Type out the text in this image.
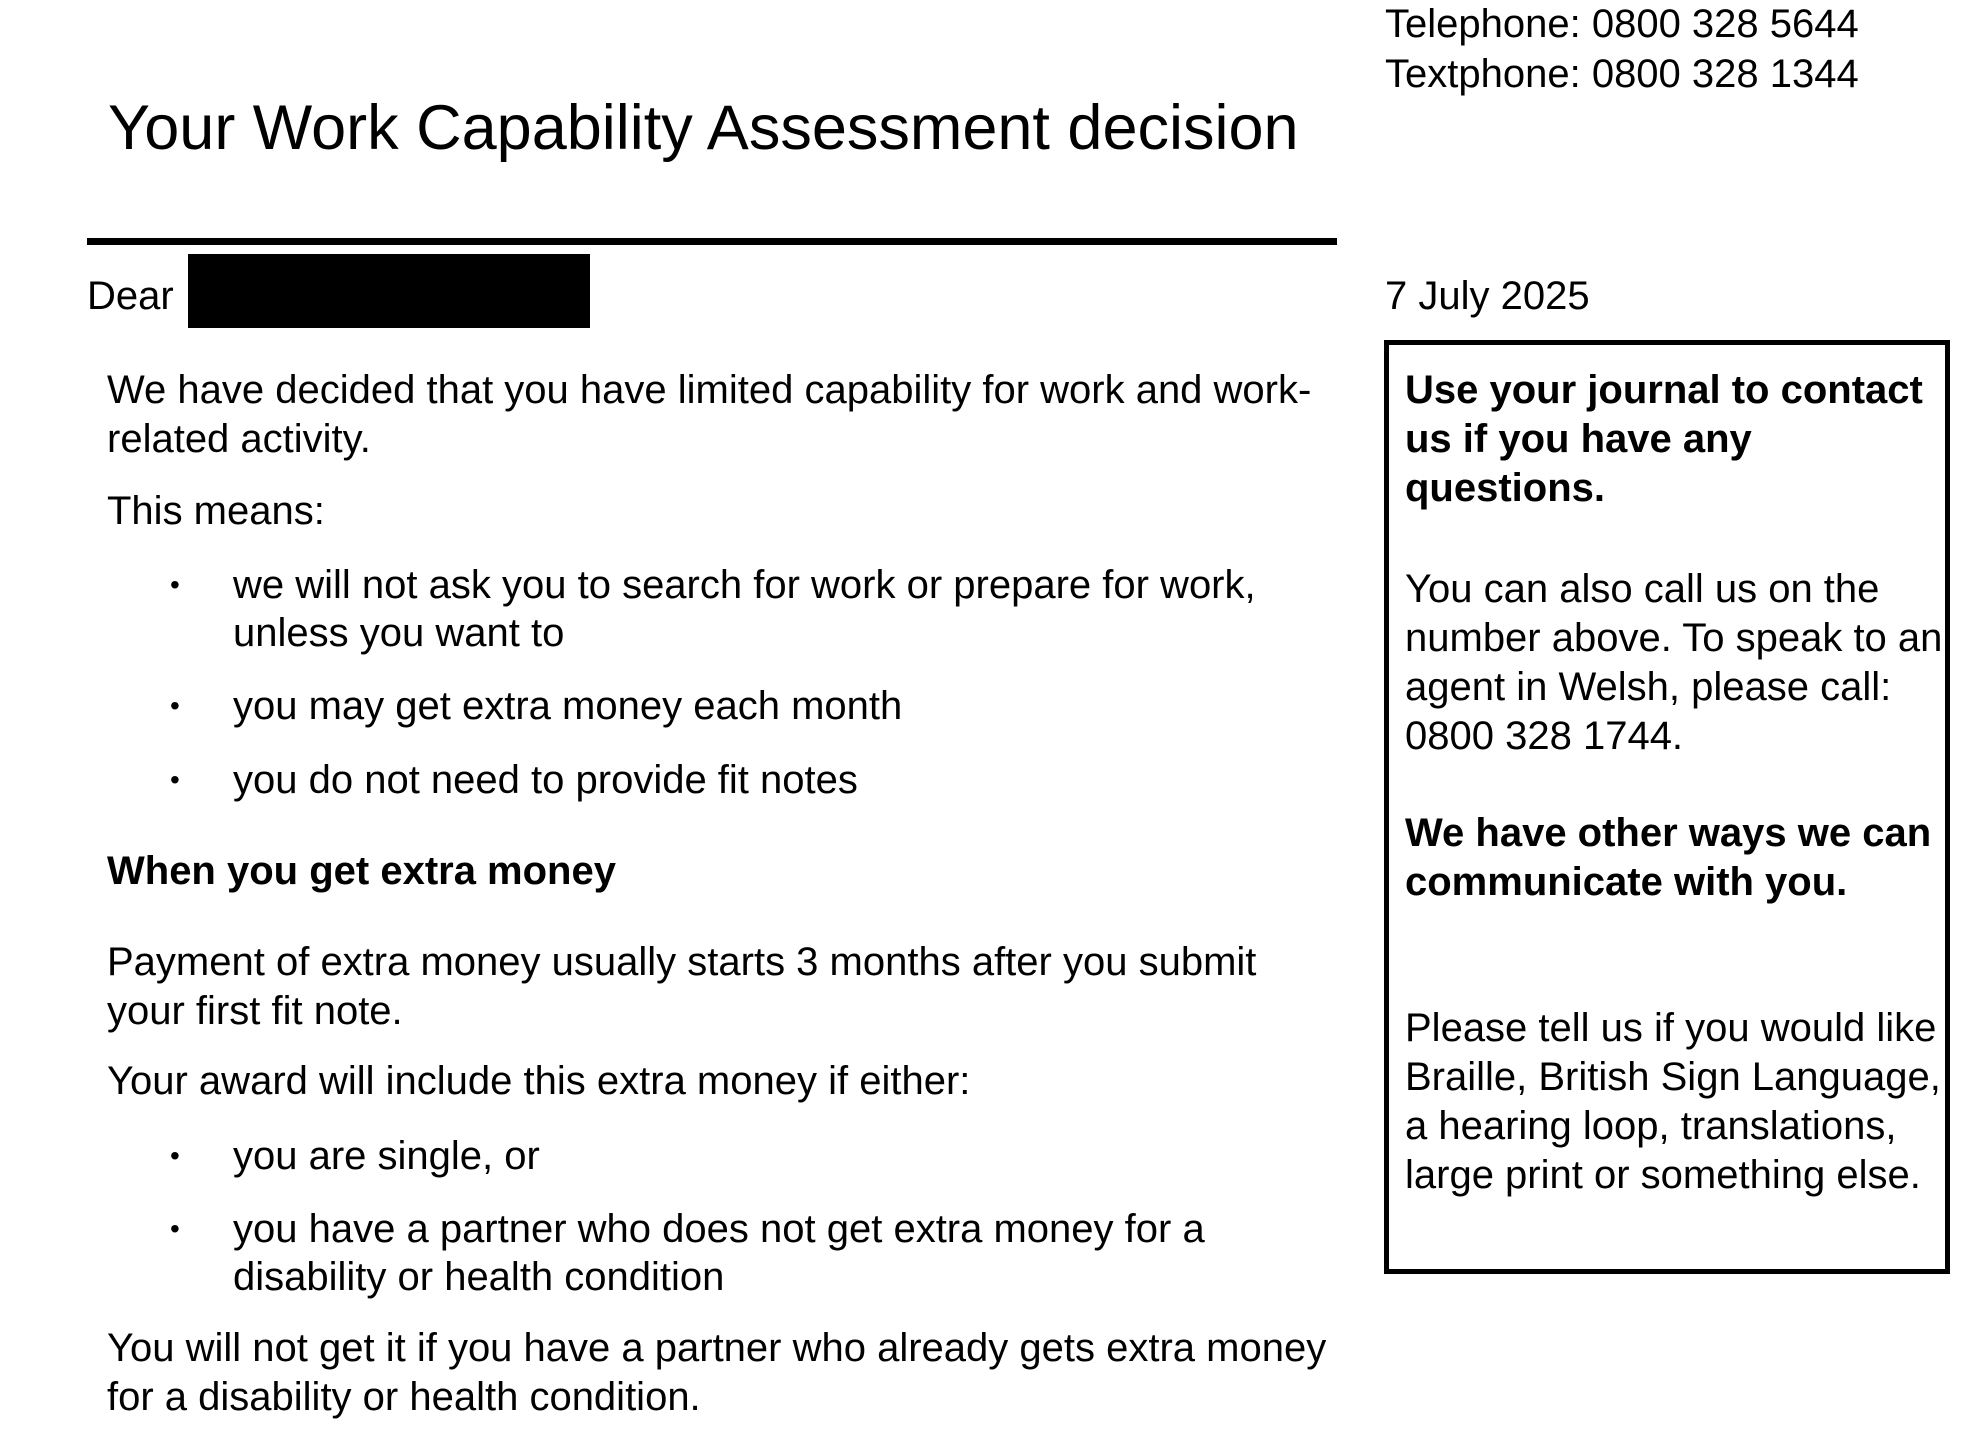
Telephone: 0800 328 5644
Textphone: 0800 328 1344
Your Work Capability Assessment decision
Dear	7 July 2025
We have decided that you have limited capability for work and work-related activity.
This means:
• we will not ask you to search for work or prepare for work, unless you want to
• you may get extra money each month
• you do not need to provide fit notes
When you get extra money
Payment of extra money usually starts 3 months after you submit your first fit note.
Your award will include this extra money if either:
• you are single, or
• you have a partner who does not get extra money for a disability or health condition
You will not get it if you have a partner who already gets extra money for a disability or health condition.
Use your journal to contact us if you have any questions.
You can also call us on the number above. To speak to an agent in Welsh, please call: 0800 328 1744.
We have other ways we can communicate with you.
Please tell us if you would like Braille, British Sign Language, a hearing loop, translations, large print or something else.
